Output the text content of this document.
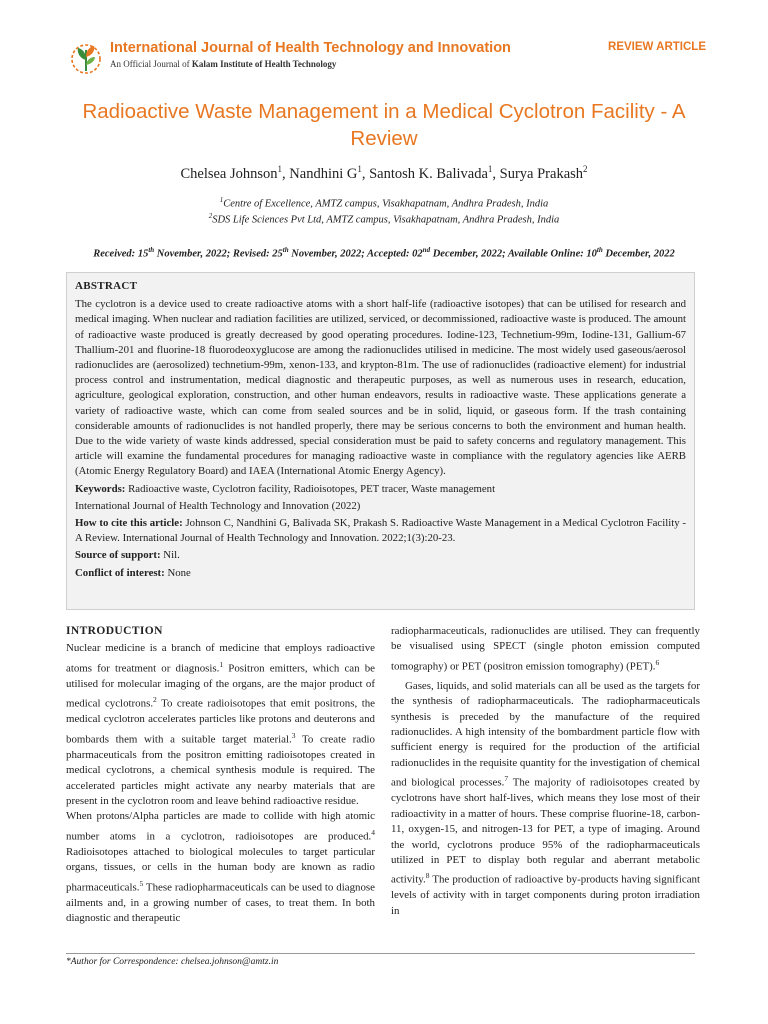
International Journal of Health Technology and Innovation
An Official Journal of Kalam Institute of Health Technology
REVIEW ARTICLE
Radioactive Waste Management in a Medical Cyclotron Facility - A Review
Chelsea Johnson$^1$, Nandhini $G^1$, Santosh K. Balivada$^1$, Surya Prakash$^2$
$^1$Centre of Excellence, AMTZ campus, Visakhapatnam, Andhra Pradesh, India
$^2$SDS Life Sciences Pvt Ltd, AMTZ campus, Visakhapatnam, Andhra Pradesh, India
Received: 15th November, 2022; Revised: 25th November, 2022; Accepted: 02nd December, 2022; Available Online: 10th December, 2022

ABSTRACT

The cyclotron is a device used to create radioactive atoms with a short half-life (radioactive isotopes) that can be utilised for research and medical imaging. When nuclear and radiation facilities are utilized, serviced, or decommissioned, radioactive waste is produced. The amount of radioactive waste produced is greatly decreased by good operating procedures. Iodine-123, Technetium-99m, Iodine-131, Gallium-67 Thallium-201 and fluorine-18 fluorodeoxyglucose are among the radionuclides utilised in medicine. The most widely used gaseous/aerosol radionuclides are (aerosolized) technetium-99m, xenon-133, and krypton-81m. The use of radionuclides (radioactive element) for industrial process control and instrumentation, medical diagnostic and therapeutic purposes, as well as numerous uses in research, education, agriculture, geological exploration, construction, and other human endeavors, results in radioactive waste. These applications generate a variety of radioactive waste, which can come from sealed sources and be in solid, liquid, or gaseous form. If the trash containing considerable amounts of radionuclides is not handled properly, there may be serious concerns to both the environment and human health. Due to the wide variety of waste kinds addressed, special consideration must be paid to safety concerns and regulatory management. This article will examine the fundamental procedures for managing radioactive waste in compliance with the regulatory agencies like AERB (Atomic Energy Regulatory Board) and IAEA (International Atomic Energy Agency).

Keywords: Radioactive waste, Cyclotron facility, Radioisotopes, PET tracer, Waste management

International Journal of Health Technology and Innovation (2022)

How to cite this article: Johnson C, Nandhini G, Balivada SK, Prakash S. Radioactive Waste Management in a Medical Cyclotron Facility - A Review. International Journal of Health Technology and Innovation. 2022;1(3):20-23.

Source of support: Nil.

Conflict of interest: None

INTRODUCTION

Nuclear medicine is a branch of medicine that employs radioactive atoms for treatment or diagnosis.$^1$ Positron emitters, which can be utilised for molecular imaging of the organs, are the major product of medical cyclotrons.$^2$ To create radioisotopes that emit positrons, the medical cyclotron accelerates particles like protons and deuterons and bombards them with a suitable target material.$^3$ To create radio pharmaceuticals from the positron emitting radioisotopes created in medical cyclotrons, a chemical synthesis module is required. The accelerated particles might activate any nearby materials that are present in the cyclotron room and leave behind radioactive residue.

When protons/Alpha particles are made to collide with high atomic number atoms in a cyclotron, radioisotopes are produced.$^4$ Radioisotopes attached to biological molecules to target particular organs, tissues, or cells in the human body are known as radio pharmaceuticals.$^5$ These radiopharmaceuticals can be used to diagnose ailments and, in a growing number of cases, to treat them. In both diagnostic and therapeutic

radiopharmaceuticals, radionuclides are utilised. They can frequently be visualised using SPECT (single photon emission computed tomography) or PET (positron emission tomography) (PET).$^6$

Gases, liquids, and solid materials can all be used as the targets for the synthesis of radiopharmaceuticals. The radiopharmaceuticals synthesis is preceded by the manufacture of the required radionuclides. A high intensity of the bombardment particle flow with sufficient energy is required for the production of the artificial radionuclides in the requisite quantity for the investigation of chemical and biological processes.$^7$ The majority of radioisotopes created by cyclotrons have short half-lives, which means they lose most of their radioactivity in a matter of hours. These comprise fluorine-18, carbon-11, oxygen-15, and nitrogen-13 for PET, a type of imaging. Around the world, cyclotrons produce 95% of the radiopharmaceuticals utilized in PET to display both regular and aberrant metabolic activity.$^8$ The production of radioactive by-products having significant levels of activity with in target components during proton irradiation in

*Author for Correspondence: chelsea.johnson@amtz.in
